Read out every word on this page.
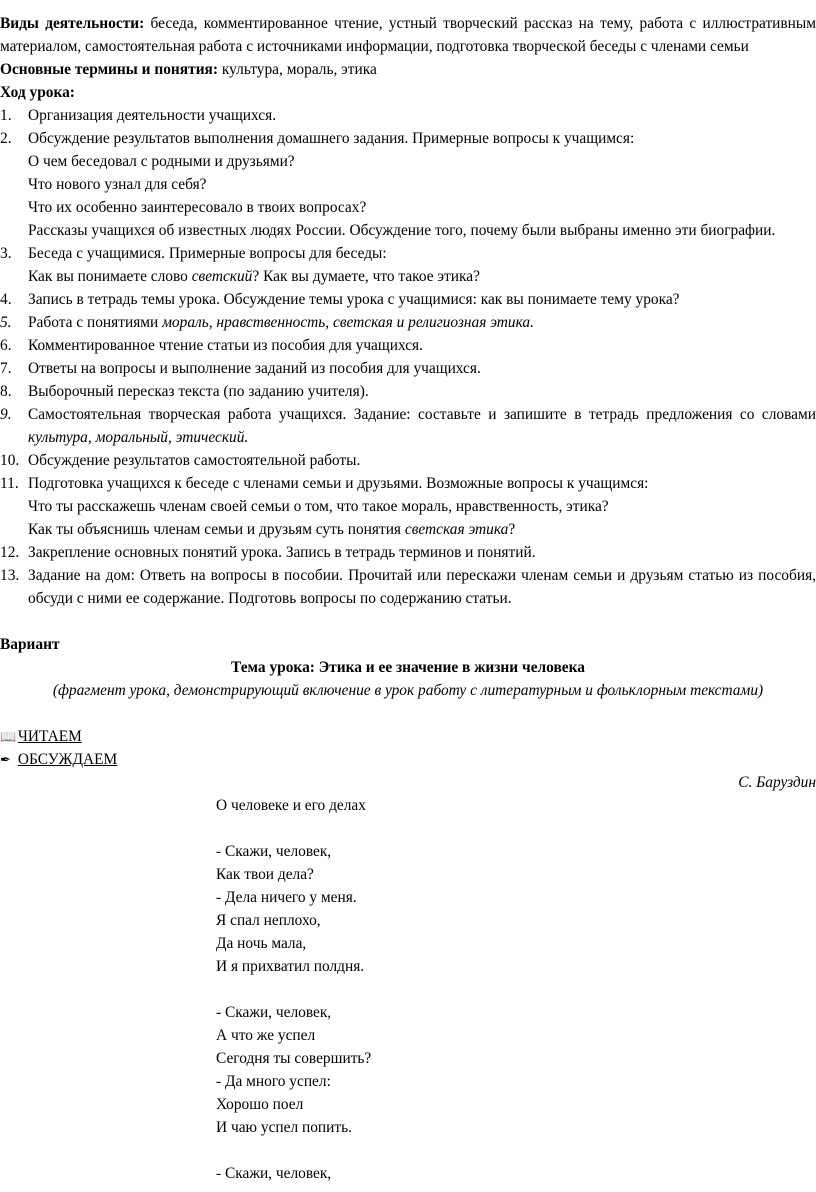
Виды деятельности: беседа, комментированное чтение, устный творческий рассказ на тему, работа с иллюстративным материалом, самостоятельная работа с источниками информации, подготовка творческой беседы с членами семьи

Основные термины и понятия: культура, мораль, этика

Ход урока:

1. Организация деятельности учащихся.
2. Обсуждение результатов выполнения домашнего задания. Примерные вопросы к учащимся:
О чем беседовал с родными и друзьями?
Что нового узнал для себя?
Что их особенно заинтересовало в твоих вопросах?
Рассказы учащихся об известных людях России. Обсуждение того, почему были выбраны именно эти биографии.
3. Беседа с учащимися. Примерные вопросы для беседы:
Как вы понимаете слово светский? Как вы думаете, что такое этика?
4. Запись в тетрадь темы урока. Обсуждение темы урока с учащимися: как вы понимаете тему урока?
5. Работа с понятиями мораль, нравственность, светская и религиозная этика.
6. Комментированное чтение статьи из пособия для учащихся.
7. Ответы на вопросы и выполнение заданий из пособия для учащихся.
8. Выборочный пересказ текста (по заданию учителя).
9. Самостоятельная творческая работа учащихся. Задание: составьте и запишите в тетрадь предложения со словами культура, моральный, этический.
10. Обсуждение результатов самостоятельной работы.
11. Подготовка учащихся к беседе с членами семьи и друзьями. Возможные вопросы к учащимся:
Что ты расскажешь членам своей семьи о том, что такое мораль, нравственность, этика?
Как ты объяснишь членам семьи и друзьям суть понятия светская этика?
12. Закрепление основных понятий урока. Запись в тетрадь терминов и понятий.
13. Задание на дом: Ответь на вопросы в пособии. Прочитай или перескажи членам семьи и друзьям статью из пособия, обсуди с ними ее содержание. Подготовь вопросы по содержанию статьи.

Вариант

Тема урока: Этика и ее значение в жизни человека

(фрагмент урока, демонстрирующий включение в урок работу с литературным и фольклорным текстами)

📖 ЧИТАЕМ

✒ ОБСУЖДАЕМ

С. Баруздин

О человеке и его делах
- Скажи, человек,
Как твои дела?
- Дела ничего у меня.
Я спал неплохо,
Да ночь мала,
И я прихватил полдня.
- Скажи, человек,
А что же успел
Сегодня ты совершить?
- Да много успел:
Хорошо поел
И чаю успел попить.
- Скажи, человек,
